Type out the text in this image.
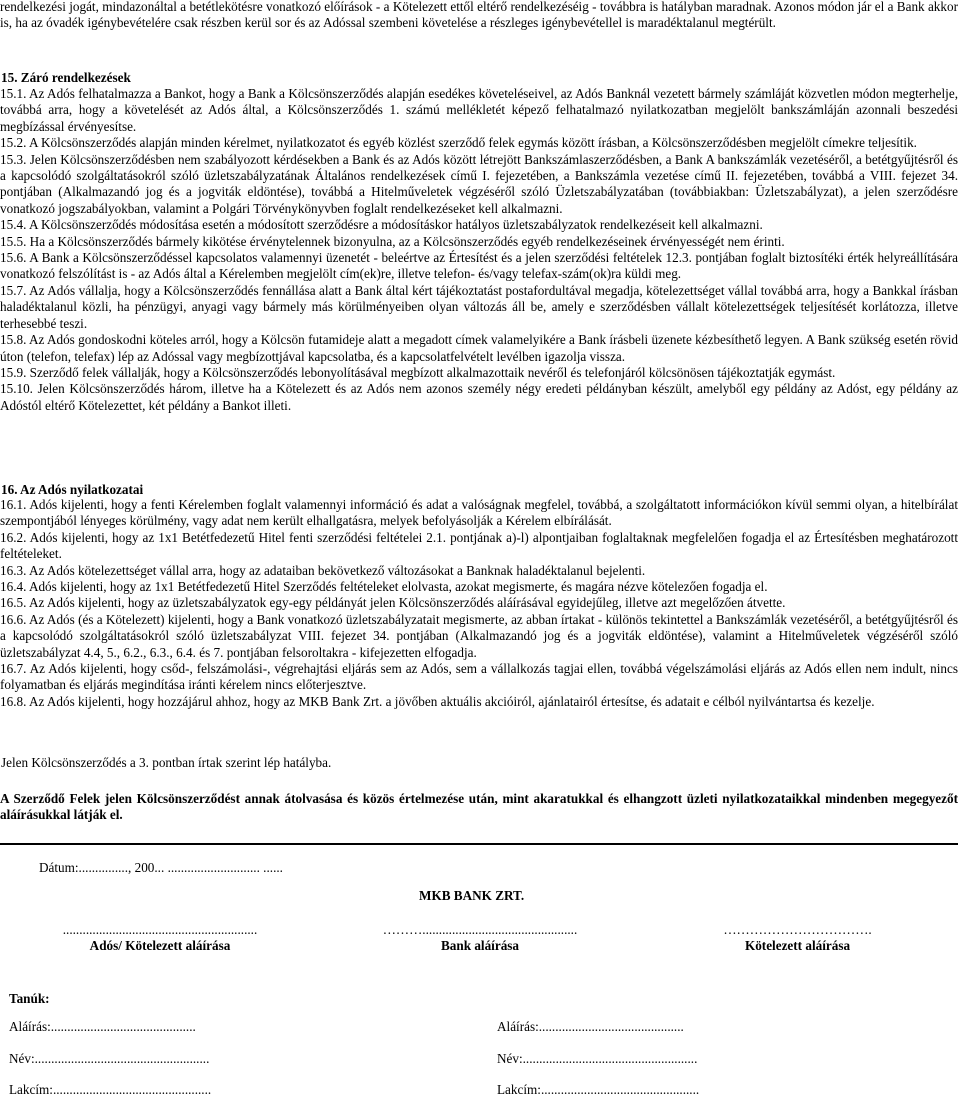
rendelkezési jogát, mindazonáltal a betétlekötésre vonatkozó előírások - a Kötelezett ettől eltérő rendelkezéséig - továbbra is hatályban maradnak. Azonos módon jár el a Bank akkor is, ha az óvadék igénybevételére csak részben kerül sor és az Adóssal szembeni követelése a részleges igénybevétellel is maradéktalanul megtérült.

15. Záró rendelkezések

15.1. Az Adós felhatalmazza a Bankot, hogy a Bank a Kölcsönszerződés alapján esedékes követeléseivel, az Adós Banknál vezetett bármely számláját közvetlen módon megterhelje, továbbá arra, hogy a követelését az Adós által, a Kölcsönszerződés 1. számú mellékletét képező felhatalmazó nyilatkozatban megjelölt bankszámláján azonnali beszedési megbízással érvényesítse.

15.2. A Kölcsönszerződés alapján minden kérelmet, nyilatkozatot és egyéb közlést szerződő felek egymás között írásban, a Kölcsönszerződésben megjelölt címekre teljesítik.

15.3. Jelen Kölcsönszerződésben nem szabályozott kérdésekben a Bank és az Adós között létrejött Bankszámlaszerződésben, a Bank A bankszámlák vezetéséről, a betétgyűjtésről és a kapcsolódó szolgáltatásokról szóló üzletszabályzatának Általános rendelkezések című I. fejezetében, a Bankszámla vezetése című II. fejezetében, továbbá a VIII. fejezet 34. pontjában (Alkalmazandó jog és a jogviták eldöntése), továbbá a Hitelműveletek végzéséről szóló Üzletszabályzatában (továbbiakban: Üzletszabályzat), a jelen szerződésre vonatkozó jogszabályokban, valamint a Polgári Törvénykönyvben foglalt rendelkezéseket kell alkalmazni.

15.4. A Kölcsönszerződés módosítása esetén a módosított szerződésre a módosításkor hatályos üzletszabályzatok rendelkezéseit kell alkalmazni.

15.5. Ha a Kölcsönszerződés bármely kikötése érvénytelennek bizonyulna, az a Kölcsönszerződés egyéb rendelkezéseinek érvényességét nem érinti.

15.6. A Bank a Kölcsönszerződéssel kapcsolatos valamennyi üzenetét - beleértve az Értesítést és a jelen szerződési feltételek 12.3. pontjában foglalt biztosítéki érték helyreállítására vonatkozó felszólítást is - az Adós által a Kérelemben megjelölt cím(ek)re, illetve telefon- és/vagy telefax-szám(ok)ra küldi meg.

15.7. Az Adós vállalja, hogy a Kölcsönszerződés fennállása alatt a Bank által kért tájékoztatást postafordultával megadja, kötelezettséget vállal továbbá arra, hogy a Bankkal írásban haladéktalanul közli, ha pénzügyi, anyagi vagy bármely más körülményeiben olyan változás áll be, amely e szerződésben vállalt kötelezettségek teljesítését korlátozza, illetve terhesebbé teszi.

15.8. Az Adós gondoskodni köteles arról, hogy a Kölcsön futamideje alatt a megadott címek valamelyikére a Bank írásbeli üzenete kézbesíthető legyen. A Bank szükség esetén rövid úton (telefon, telefax) lép az Adóssal vagy megbízottjával kapcsolatba, és a kapcsolatfelvételt levélben igazolja vissza.

15.9. Szerződő felek vállalják, hogy a Kölcsönszerződés lebonyolításával megbízott alkalmazottaik nevéről és telefonjáról kölcsönösen tájékoztatják egymást.

15.10. Jelen Kölcsönszerződés három, illetve ha a Kötelezett és az Adós nem azonos személy négy eredeti példányban készült, amelyből egy példány az Adóst, egy példány az Adóstól eltérő Kötelezettet, két példány a Bankot illeti.

16. Az Adós nyilatkozatai

16.1. Adós kijelenti, hogy a fenti Kérelemben foglalt valamennyi információ és adat a valóságnak megfelel, továbbá, a szolgáltatott információkon kívül semmi olyan, a hitelbírálat szempontjából lényeges körülmény, vagy adat nem került elhallgatásra, melyek befolyásolják a Kérelem elbírálását.

16.2. Adós kijelenti, hogy az 1x1 Betétfedezetű Hitel fenti szerződési feltételei 2.1. pontjának a)-l) alpontjaiban foglaltaknak megfelelően fogadja el az Értesítésben meghatározott feltételeket.

16.3. Az Adós kötelezettséget vállal arra, hogy az adataiban bekövetkező változásokat a Banknak haladéktalanul bejelenti.

16.4. Adós kijelenti, hogy az 1x1 Betétfedezetű Hitel Szerződés feltételeket elolvasta, azokat megismerte, és magára nézve kötelezően fogadja el.

16.5. Az Adós kijelenti, hogy az üzletszabályzatok egy-egy példányát jelen Kölcsönszerződés aláírásával egyidejűleg, illetve azt megelőzően átvette.

16.6. Az Adós (és a Kötelezett) kijelenti, hogy a Bank vonatkozó üzletszabályzatait megismerte, az abban írtakat - különös tekintettel a Bankszámlák vezetéséről, a betétgyűjtésről és a kapcsolódó szolgáltatásokról szóló üzletszabályzat VIII. fejezet 34. pontjában (Alkalmazandó jog és a jogviták eldöntése), valamint a Hitelműveletek végzéséről szóló üzletszabályzat 4.4, 5., 6.2., 6.3., 6.4. és 7. pontjában felsoroltakra - kifejezetten elfogadja.

16.7. Az Adós kijelenti, hogy csőd-, felszámolási-, végrehajtási eljárás sem az Adós, sem a vállalkozás tagjai ellen, továbbá végelszámolási eljárás az Adós ellen nem indult, nincs folyamatban és eljárás megindítása iránti kérelem nincs előterjesztve.

16.8. Az Adós kijelenti, hogy hozzájárul ahhoz, hogy az MKB Bank Zrt. a jövőben aktuális akcióiról, ajánlatairól értesítse, és adatait e célból nyilvántartsa és kezelje.

Jelen Kölcsönszerződés a 3. pontban írtak szerint lép hatályba.

A Szerződő Felek jelen Kölcsönszerződést annak átolvasása és közös értelmezése után, mint akaratukkal és elhangzott üzleti nyilatkozataikkal mindenben megegyezőt aláírásukkal látják el.

Dátum:..............., 200... ............................ ......
MKB BANK ZRT.
...........................................................
Adós/ Kötelezett aláírása
………...............................................
Bank aláírása
…………………………….
Kötelezett aláírása
Tanúk:
Aláírás:............................................	Aláírás:............................................
Név:.....................................................	Név:.....................................................
Lakcím:................................................	Lakcím:................................................
